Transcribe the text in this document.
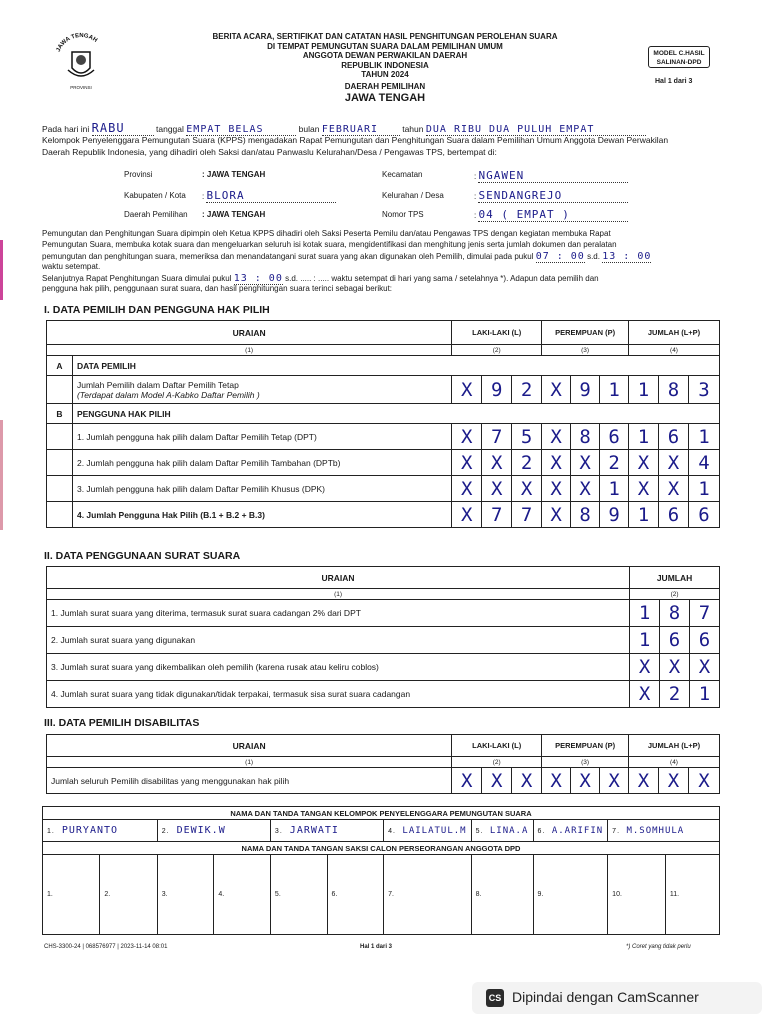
JAWA TENGAH
PROVINSI
BERITA ACARA, SERTIFIKAT DAN CATATAN HASIL PENGHITUNGAN PEROLEHAN SUARA
DI TEMPAT PEMUNGUTAN SUARA DALAM PEMILIHAN UMUM
ANGGOTA DEWAN PERWAKILAN DAERAH
REPUBLIK INDONESIA
TAHUN 2024
DAERAH PEMILIHAN
JAWA TENGAH
MODEL C.HASIL SALINAN-DPD
Hal 1 dari 3
Pada hari ini RABU	tanggal EMPAT BELAS	bulan FEBRUARI	tahun DUA RIBU DUA PULUH EMPAT
Kelompok Penyelenggara Pemungutan Suara (KPPS) mengadakan Rapat Pemungutan dan Penghitungan Suara dalam Pemilihan Umum Anggota Dewan Perwakilan
Daerah Republik Indonesia, yang dihadiri oleh Saksi dan/atau Panwaslu Kelurahan/Desa / Pengawas TPS, bertempat di:
Provinsi	: JAWA TENGAH
Kabupaten / Kota : BLORA
Daerah Pemilihan : JAWA TENGAH
Kecamatan	: NGAWEN
Kelurahan / Desa	: SENDANGREJO
Nomor TPS	: 04 ( EMPAT )
Pemungutan dan Penghitungan Suara dipimpin oleh Ketua KPPS dihadiri oleh Saksi Peserta Pemilu dan/atau Pengawas TPS dengan kegiatan membuka Rapat
Pemungutan Suara, membuka kotak suara dan mengeluarkan seluruh isi kotak suara, mengidentifikasi dan menghitung jenis serta jumlah dokumen dan peralatan
pemungutan dan penghitungan suara, memeriksa dan menandatangani surat suara yang akan digunakan oleh Pemilih, dimulai pada pukul 07 : 00 s.d. 13 : 00
waktu setempat.
Selanjutnya Rapat Penghitungan Suara dimulai pukul 13 : 00 s.d. ..... : ..... waktu setempat di hari yang sama / setelahnya *). Adapun data pemilih dan
pengguna hak pilih, penggunaan surat suara, dan hasil penghitungan suara terinci sebagai berikut:
I. DATA PEMILIH DAN PENGGUNA HAK PILIH
URAIAN		LAKI-LAKI (L)			PEREMPUAN (P)			JUMLAH (L+P)		
(1)		(2)			(3)			(4)		
A	DATA PEMILIH									

	Jumlah Pemilih dalam Daftar Pemilih Tetap
(Terdapat dalam Model A-Kabko Daftar Pemilih )	X	9	2	X	9	1	1	8	3
B	PENGGUNA HAK PILIH									
	1. Jumlah pengguna hak pilih dalam Daftar Pemilih Tetap (DPT)	X	7	5	X	8	6	1	6	1
	2. Jumlah pengguna hak pilih dalam Daftar Pemilih Tambahan (DPTb)	X	X	2	X	X	2	X	X	4
	3. Jumlah pengguna hak pilih dalam Daftar Pemilih Khusus (DPK)	X	X	X	X	X	1	X	X	1
	4. Jumlah Pengguna Hak Pilih (B.1 + B.2 + B.3)	X	7	7	X	8	9	1	6	6
II. DATA PENGGUNAAN SURAT SUARA
URAIAN	JUMLAH		
(1)	(2)		
1. Jumlah surat suara yang diterima, termasuk surat suara cadangan 2% dari DPT	1	8	7
2. Jumlah surat suara yang digunakan	1	6	6
3. Jumlah surat suara yang dikembalikan oleh pemilih (karena rusak atau keliru coblos)	X	X	X
4. Jumlah surat suara yang tidak digunakan/tidak terpakai, termasuk sisa surat suara cadangan	X	2	1
III. DATA PEMILIH DISABILITAS
URAIAN	LAKI-LAKI (L)			PEREMPUAN (P)			JUMLAH (L+P)		
(1)	(2)			(3)			(4)		
Jumlah seluruh Pemilih disabilitas yang menggunakan hak pilih	X	X	X	X	X	X	X	X	X
NAMA DAN TANDA TANGAN KELOMPOK PENYELENGGARA PEMUNGUTAN SUARA										
1. PURYANTO		2. DEWIK.W		3. JARWATI		4. LAILATUL.M	5. LINA.A	6. A.ARIFIN	7. M.SOMHULA	
NAMA DAN TANDA TANGAN SAKSI CALON PERSEORANGAN ANGGOTA DPD										
1.	2.	3.	4.	5.	6.	7.	8.	9.	10.	11.
CHS-3300-24 | 068576977 | 2023-11-14 08:01	Hal 1 dari 3	*) Coret yang tidak perlu
CS Dipindai dengan CamScanner
